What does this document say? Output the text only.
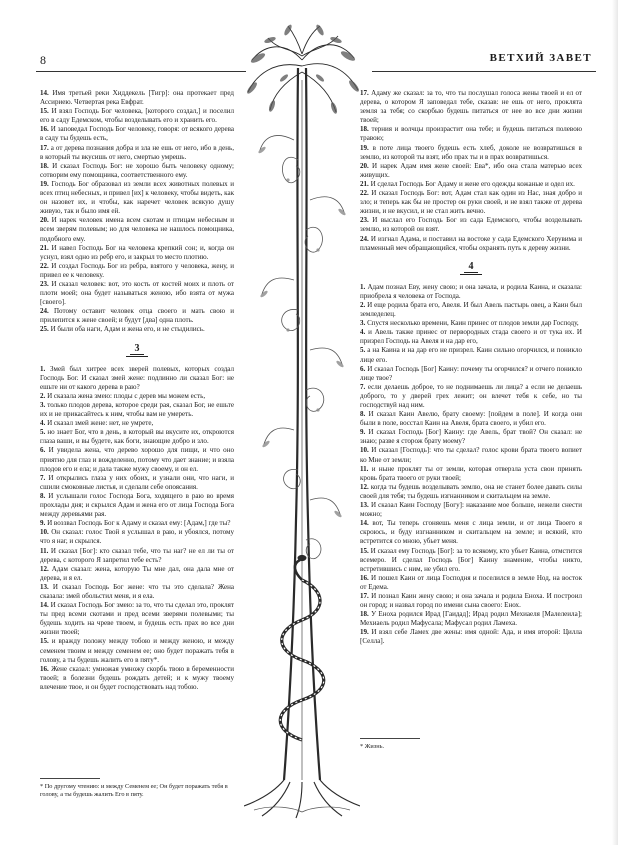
8	ВЕТХИЙ ЗАВЕТ

14. Имя третьей реки Хиддекель [Тигр]: она протекает пред Ассириею. Четвертая река Евфрат.

15. И взял Господь Бог человека, [которого создал,] и поселил его в саду Едемском, чтобы возделывать его и хранить его.

16. И заповедал Господь Бог человеку, говоря: от всякого дерева в саду ты будешь есть,

17. а от дерева познания добра и зла не ешь от него, ибо в день, в который ты вкусишь от него, смертью умрешь.

18. И сказал Господь Бог: не хорошо быть человеку одному; сотворим ему помощника, соответственного ему.

19. Господь Бог образовал из земли всех животных полевых и всех птиц небесных, и привел [их] к человеку, чтобы видеть, как он назовет их, и чтобы, как наречет человек всякую душу живую, так и было имя ей.

20. И нарек человек имена всем скотам и птицам небесным и всем зверям полевым; но для человека не нашлось помощника, подобного ему.

21. И навел Господь Бог на человека крепкий сон; и, когда он уснул, взял одно из ребр его, и закрыл то место плотию.

22. И создал Господь Бог из ребра, взятого у человека, жену, и привел ее к человеку.

23. И сказал человек: вот, это кость от костей моих и плоть от плоти моей; она будет называться женою, ибо взята от мужа [своего].

24. Потому оставит человек отца своего и мать свою и прилепится к жене своей; и будут [два] одна плоть.

25. И были оба наги, Адам и жена его, и не стыдились.

3

1. Змей был хитрее всех зверей полевых, которых создал Господь Бог. И сказал змей жене: подлинно ли сказал Бог: не ешьте ни от какого дерева в раю?

2. И сказала жена змею: плоды с дерев мы можем есть,

3. только плодов дерева, которое среди рая, сказал Бог, не ешьте их и не прикасайтесь к ним, чтобы вам не умереть.

4. И сказал змей жене: нет, не умрете,

5. но знает Бог, что в день, в который вы вкусите их, откроются глаза ваши, и вы будете, как боги, знающие добро и зло.

6. И увидела жена, что дерево хорошо для пищи, и что оно приятно для глаз и вожделенно, потому что дает знание; и взяла плодов его и ела; и дала также мужу своему, и он ел.

7. И открылись глаза у них обоих, и узнали они, что наги, и сшили смоковные листья, и сделали себе опоясания.

8. И услышали голос Господа Бога, ходящего в раю во время прохлады дня; и скрылся Адам и жена его от лица Господа Бога между деревьями рая.

9. И воззвал Господь Бог к Адаму и сказал ему: [Адам,] где ты?

10. Он сказал: голос Твой я услышал в раю, и убоялся, потому что я наг, и скрылся.

11. И сказал [Бог]: кто сказал тебе, что ты наг? не ел ли ты от дерева, с которого Я запретил тебе есть?

12. Адам сказал: жена, которую Ты мне дал, она дала мне от дерева, и я ел.

13. И сказал Господь Бог жене: что ты это сделала? Жена сказала: змей обольстил меня, и я ела.

14. И сказал Господь Бог змею: за то, что ты сделал это, проклят ты пред всеми скотами и пред всеми зверями полевыми; ты будешь ходить на чреве твоем, и будешь есть прах во все дни жизни твоей;

15. и вражду положу между тобою и между женою, и между семенем твоим и между семенем ее; оно будет поражать тебя в голову, а ты будешь жалить его в пяту*.

16. Жене сказал: умножая умножу скорбь твою в беременности твоей; в болезни будешь рождать детей; и к мужу твоему влечение твое, и он будет господствовать над тобою.

* По другому чтению: и между Семенем ее; Он будет поражать тебя в голову, а ты будешь жалить Его в пяту.

17. Адаму же сказал: за то, что ты послушал голоса жены твоей и ел от дерева, о котором Я заповедал тебе, сказав: не ешь от него, проклята земля за тебя; со скорбью будешь питаться от нее во все дни жизни твоей;

18. терния и волчцы произрастит она тебе; и будешь питаться полевою травою;

19. в поте лица твоего будешь есть хлеб, доколе не возвратишься в землю, из которой ты взят, ибо прах ты и в прах возвратишься.

20. И нарек Адам имя жене своей: Ева*, ибо она стала матерью всех живущих.

21. И сделал Господь Бог Адаму и жене его одежды кожаные и одел их.

22. И сказал Господь Бог: вот, Адам стал как один из Нас, зная добро и зло; и теперь как бы не простер он руки своей, и не взял также от дерева жизни, и не вкусил, и не стал жить вечно.

23. И выслал его Господь Бог из сада Едемского, чтобы возделывать землю, из которой он взят.

24. И изгнал Адама, и поставил на востоке у сада Едемского Херувима и пламенный меч обращающийся, чтобы охранять путь к дереву жизни.

4

1. Адам познал Еву, жену свою; и она зачала, и родила Каина, и сказала: приобрела я человека от Господа.

2. И еще родила брата его, Авеля. И был Авель пастырь овец, а Каин был земледелец.

3. Спустя несколько времени, Каин принес от плодов земли дар Господу,

4. и Авель также принес от первородных стада своего и от тука их. И призрел Господь на Авеля и на дар его,

5. а на Каина и на дар его не призрел. Каин сильно огорчился, и поникло лице его.

6. И сказал Господь [Бог] Каину: почему ты огорчился? и отчего поникло лице твое?

7. если делаешь доброе, то не поднимаешь ли лица? а если не делаешь доброго, то у дверей грех лежит; он влечет тебя к себе, но ты господствуй над ним.

8. И сказал Каин Авелю, брату своему: [пойдем в поле]. И когда они были в поле, восстал Каин на Авеля, брата своего, и убил его.

9. И сказал Господь [Бог] Каину: где Авель, брат твой? Он сказал: не знаю; разве я сторож брату моему?

10. И сказал [Господь]: что ты сделал? голос крови брата твоего вопиет ко Мне от земли;

11. и ныне проклят ты от земли, которая отверзла уста свои принять кровь брата твоего от руки твоей;

12. когда ты будешь возделывать землю, она не станет более давать силы своей для тебя; ты будешь изгнанником и скитальцем на земле.

13. И сказал Каин Господу [Богу]: наказание мое больше, нежели снести можно;

14. вот, Ты теперь сгоняешь меня с лица земли, и от лица Твоего я скроюсь, и буду изгнанником и скитальцем на земле; и всякий, кто встретится со мною, убьет меня.

15. И сказал ему Господь [Бог]: за то всякому, кто убьет Каина, отмстится всемеро. И сделал Господь [Бог] Каину знамение, чтобы никто, встретившись с ним, не убил его.

16. И пошел Каин от лица Господня и поселился в земле Нод, на восток от Едема.

17. И познал Каин жену свою; и она зачала и родила Еноха. И построил он город; и назвал город по имени сына своего: Енох.

18. У Еноха родился Ирад [Гаидад]; Ирад родил Мехиаеля [Малелеила]; Мехиаель родил Мафусала; Мафусал родил Ламеха.

19. И взял себе Ламех две жены: имя одной: Ада, и имя второй: Цилла [Селла].

* Жизнь.
